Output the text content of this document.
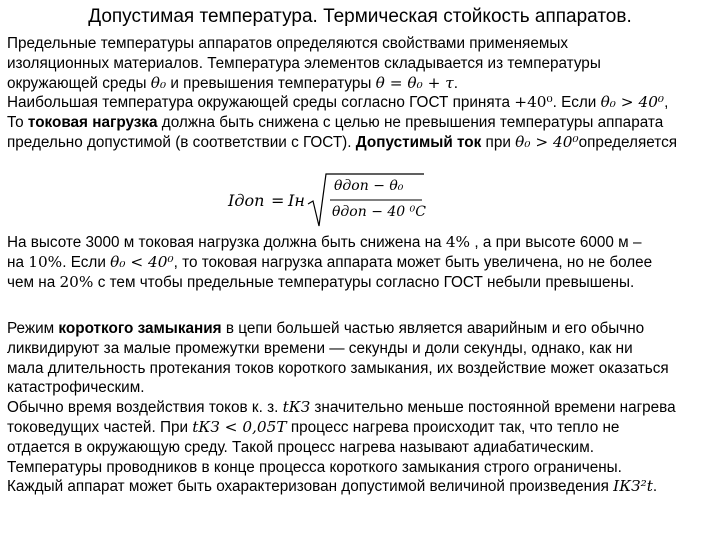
Допустимая температура. Термическая стойкость аппаратов.
Предельные температуры аппаратов определяются свойствами применяемых
изоляционных материалов. Температура элементов складывается из температуры
окружающей среды θ₀ и превышения температуры θ = θ₀ + τ.
Наибольшая температура окружающей среды согласно ГОСТ принята +40⁰. Если θ₀ > 40⁰,
То токовая нагрузка должна быть снижена с целью не превышения температуры аппарата
предельно допустимой (в соответствии с ГОСТ). Допустимый ток при θ₀ > 40⁰определяется
Iдоп = Iн
θдоп − θ₀
θдоп − 40 ⁰С
На высоте 3000 м токовая нагрузка должна быть снижена на 4% , а при высоте 6000 м –
на 10%. Если θ₀ < 40⁰, то токовая нагрузка аппарата может быть увеличена, но не более
чем на 20% с тем чтобы предельные температуры согласно ГОСТ небыли превышены.
Режим короткого замыкания в цепи большей частью является аварийным и его обычно
ликвидируют за малые промежутки времени — секунды и доли секунды, однако, как ни
мала длительность протекания токов короткого замыкания, их воздействие может оказаться
катастрофическим.
Обычно время воздействия токов к. з. tКЗ значительно меньше постоянной времени нагрева
токоведущих частей. При tКЗ < 0,05T процесс нагрева происходит так, что тепло не
отдается в окружающую среду. Такой процесс нагрева называют адиабатическим.
Температуры проводников в конце процесса короткого замыкания строго ограничены.
Каждый аппарат может быть охарактеризован допустимой величиной произведения IКЗ²t.
